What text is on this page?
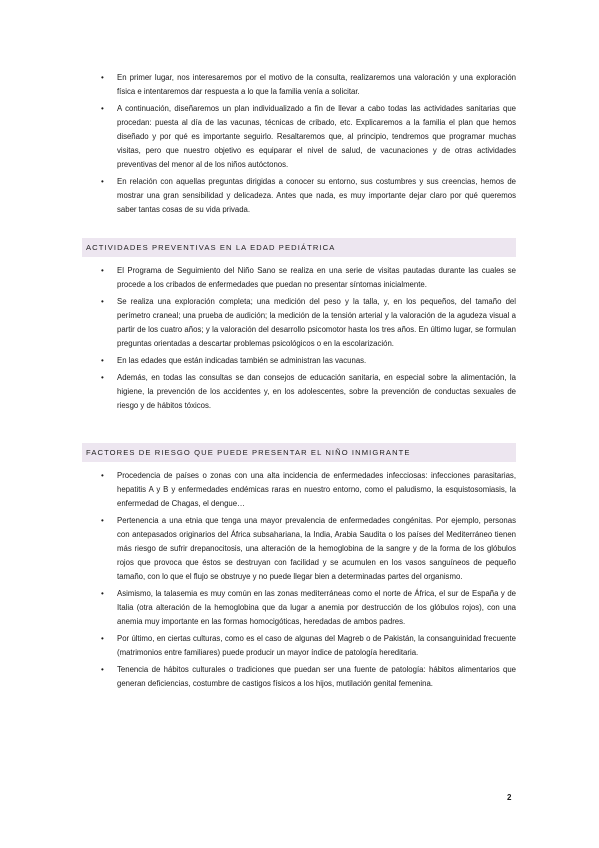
• En primer lugar, nos interesaremos por el motivo de la consulta, realizaremos una valoración y una exploración física e intentaremos dar respuesta a lo que la familia venía a solicitar.
• A continuación, diseñaremos un plan individualizado a fin de llevar a cabo todas las actividades sanitarias que procedan: puesta al día de las vacunas, técnicas de cribado, etc. Explicaremos a la familia el plan que hemos diseñado y por qué es importante seguirlo. Resaltaremos que, al principio, tendremos que programar muchas visitas, pero que nuestro objetivo es equiparar el nivel de salud, de vacunaciones y de otras actividades preventivas del menor al de los niños autóctonos.
• En relación con aquellas preguntas dirigidas a conocer su entorno, sus costumbres y sus creencias, hemos de mostrar una gran sensibilidad y delicadeza. Antes que nada, es muy importante dejar claro por qué queremos saber tantas cosas de su vida privada.
ACTIVIDADES PREVENTIVAS EN LA EDAD PEDIÁTRICA
• El Programa de Seguimiento del Niño Sano se realiza en una serie de visitas pautadas durante las cuales se procede a los cribados de enfermedades que puedan no presentar síntomas inicialmente.
• Se realiza una exploración completa; una medición del peso y la talla, y, en los pequeños, del tamaño del perímetro craneal; una prueba de audición; la medición de la tensión arterial y la valoración de la agudeza visual a partir de los cuatro años; y la valoración del desarrollo psicomotor hasta los tres años. En último lugar, se formulan preguntas orientadas a descartar problemas psicológicos o en la escolarización.
• En las edades que están indicadas también se administran las vacunas.
• Además, en todas las consultas se dan consejos de educación sanitaria, en especial sobre la alimentación, la higiene, la prevención de los accidentes y, en los adolescentes, sobre la prevención de conductas sexuales de riesgo y de hábitos tóxicos.
FACTORES DE RIESGO QUE PUEDE PRESENTAR EL NIÑO INMIGRANTE
• Procedencia de países o zonas con una alta incidencia de enfermedades infecciosas: infecciones parasitarias, hepatitis A y B y enfermedades endémicas raras en nuestro entorno, como el paludismo, la esquistosomiasis, la enfermedad de Chagas, el dengue…
• Pertenencia a una etnia que tenga una mayor prevalencia de enfermedades congénitas. Por ejemplo, personas con antepasados originarios del África subsahariana, la India, Arabia Saudita o los países del Mediterráneo tienen más riesgo de sufrir drepanocitosis, una alteración de la hemoglobina de la sangre y de la forma de los glóbulos rojos que provoca que éstos se destruyan con facilidad y se acumulen en los vasos sanguíneos de pequeño tamaño, con lo que el flujo se obstruye y no puede llegar bien a determinadas partes del organismo.
• Asimismo, la talasemia es muy común en las zonas mediterráneas como el norte de África, el sur de España y de Italia (otra alteración de la hemoglobina que da lugar a anemia por destrucción de los glóbulos rojos), con una anemia muy importante en las formas homocigóticas, heredadas de ambos padres.
• Por último, en ciertas culturas, como es el caso de algunas del Magreb o de Pakistán, la consanguinidad frecuente (matrimonios entre familiares) puede producir un mayor índice de patología hereditaria.
• Tenencia de hábitos culturales o tradiciones que puedan ser una fuente de patología: hábitos alimentarios que generan deficiencias, costumbre de castigos físicos a los hijos, mutilación genital femenina.
2
